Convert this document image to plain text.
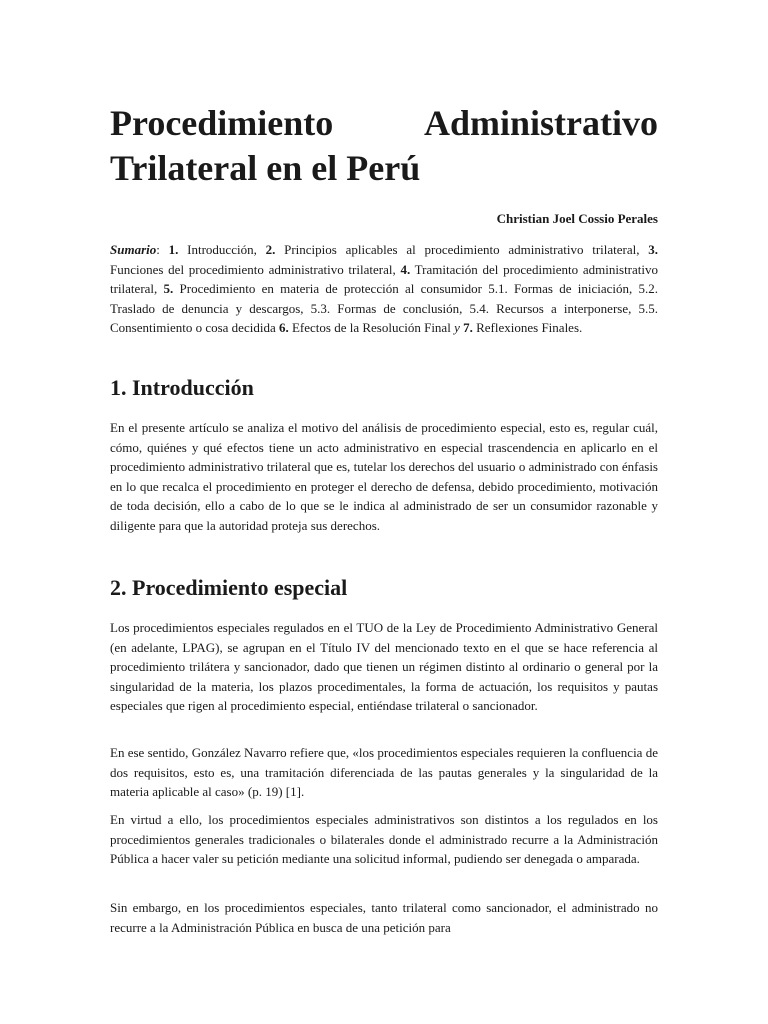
Procedimiento Administrativo Trilateral en el Perú

Christian Joel Cossio Perales

Sumario: 1. Introducción, 2. Principios aplicables al procedimiento administrativo trilateral, 3. Funciones del procedimiento administrativo trilateral, 4. Tramitación del procedimiento administrativo trilateral, 5. Procedimiento en materia de protección al consumidor 5.1. Formas de iniciación, 5.2. Traslado de denuncia y descargos, 5.3. Formas de conclusión, 5.4. Recursos a interponerse, 5.5. Consentimiento o cosa decidida 6. Efectos de la Resolución Final y 7. Reflexiones Finales.

1. Introducción

En el presente artículo se analiza el motivo del análisis de procedimiento especial, esto es, regular cuál, cómo, quiénes y qué efectos tiene un acto administrativo en especial trascendencia en aplicarlo en el procedimiento administrativo trilateral que es, tutelar los derechos del usuario o administrado con énfasis en lo que recalca el procedimiento en proteger el derecho de defensa, debido procedimiento, motivación de toda decisión, ello a cabo de lo que se le indica al administrado de ser un consumidor razonable y diligente para que la autoridad proteja sus derechos.

2. Procedimiento especial

Los procedimientos especiales regulados en el TUO de la Ley de Procedimiento Administrativo General (en adelante, LPAG), se agrupan en el Título IV del mencionado texto en el que se hace referencia al procedimiento trilátera y sancionador, dado que tienen un régimen distinto al ordinario o general por la singularidad de la materia, los plazos procedimentales, la forma de actuación, los requisitos y pautas especiales que rigen al procedimiento especial, entiéndase trilateral o sancionador.

En ese sentido, González Navarro refiere que, «los procedimientos especiales requieren la confluencia de dos requisitos, esto es, una tramitación diferenciada de las pautas generales y la singularidad de la materia aplicable al caso» (p. 19) [1].

En virtud a ello, los procedimientos especiales administrativos son distintos a los regulados en los procedimientos generales tradicionales o bilaterales donde el administrado recurre a la Administración Pública a hacer valer su petición mediante una solicitud informal, pudiendo ser denegada o amparada.

Sin embargo, en los procedimientos especiales, tanto trilateral como sancionador, el administrado no recurre a la Administración Pública en busca de una petición para
